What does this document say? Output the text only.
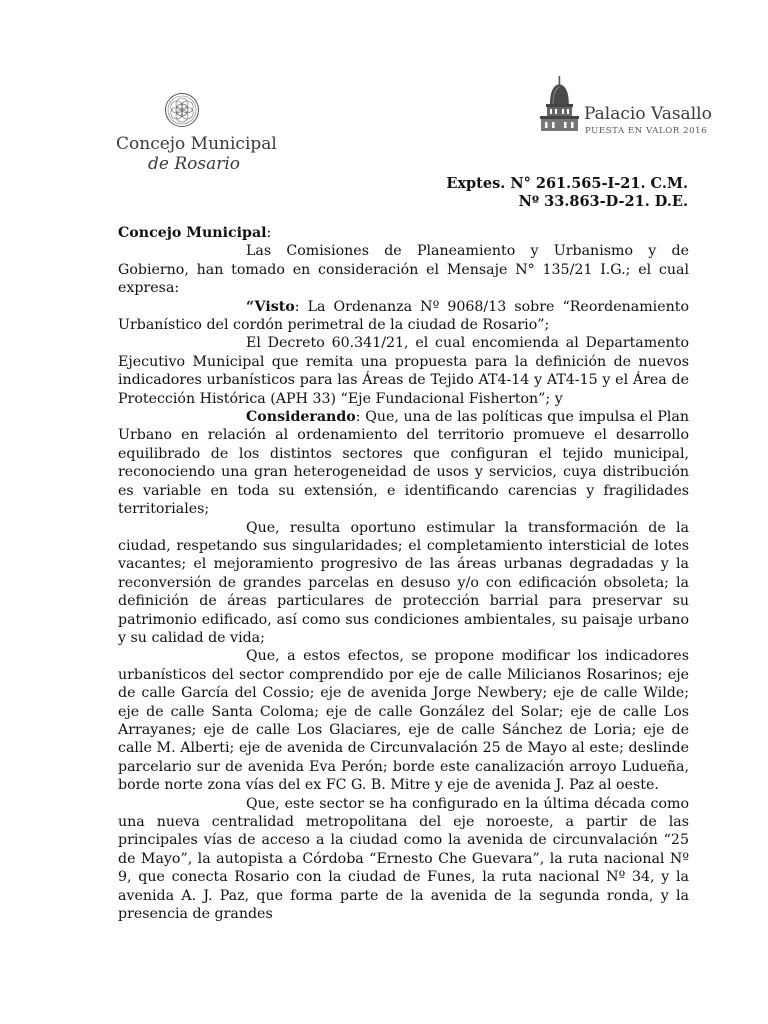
Concejo Municipal
de Rosario
Palacio Vasallo
PUESTA EN VALOR 2016
Exptes. N° 261.565-I-21. C.M.
Nº 33.863-D-21. D.E.

Concejo Municipal:

Las Comisiones de Planeamiento y Urbanismo y de Gobierno, han tomado en consideración el Mensaje N° 135/21 I.G.; el cual expresa:

“Visto: La Ordenanza Nº 9068/13 sobre “Reordenamiento Urbanístico del cordón perimetral de la ciudad de Rosario”;

El Decreto 60.341/21, el cual encomienda al Departamento Ejecutivo Municipal que remita una propuesta para la definición de nuevos indicadores urbanísticos para las Áreas de Tejido AT4-14 y AT4-15 y el Área de Protección Histórica (APH 33) “Eje Fundacional Fisherton”; y

Considerando: Que, una de las políticas que impulsa el Plan Urbano en relación al ordenamiento del territorio promueve el desarrollo equilibrado de los distintos sectores que configuran el tejido municipal, reconociendo una gran heterogeneidad de usos y servicios, cuya distribución es variable en toda su extensión, e identificando carencias y fragilidades territoriales;

Que, resulta oportuno estimular la transformación de la ciudad, respetando sus singularidades; el completamiento intersticial de lotes vacantes; el mejoramiento progresivo de las áreas urbanas degradadas y la reconversión de grandes parcelas en desuso y/o con edificación obsoleta; la definición de áreas particulares de protección barrial para preservar su patrimonio edificado, así como sus condiciones ambientales, su paisaje urbano y su calidad de vida;

Que, a estos efectos, se propone modificar los indicadores urbanísticos del sector comprendido por eje de calle Milicianos Rosarinos; eje de calle García del Cossio; eje de avenida Jorge Newbery; eje de calle Wilde; eje de calle Santa Coloma; eje de calle González del Solar; eje de calle Los Arrayanes; eje de calle Los Glaciares, eje de calle Sánchez de Loria; eje de calle M. Alberti; eje de avenida de Circunvalación 25 de Mayo al este; deslinde parcelario sur de avenida Eva Perón; borde este canalización arroyo Ludueña, borde norte zona vías del ex FC G. B. Mitre y eje de avenida J. Paz al oeste.

Que, este sector se ha configurado en la última década como una nueva centralidad metropolitana del eje noroeste, a partir de las principales vías de acceso a la ciudad como la avenida de circunvalación “25 de Mayo”, la autopista a Córdoba “Ernesto Che Guevara”, la ruta nacional Nº 9, que conecta Rosario con la ciudad de Funes, la ruta nacional Nº 34, y la avenida A. J. Paz, que forma parte de la avenida de la segunda ronda, y la presencia de grandes
